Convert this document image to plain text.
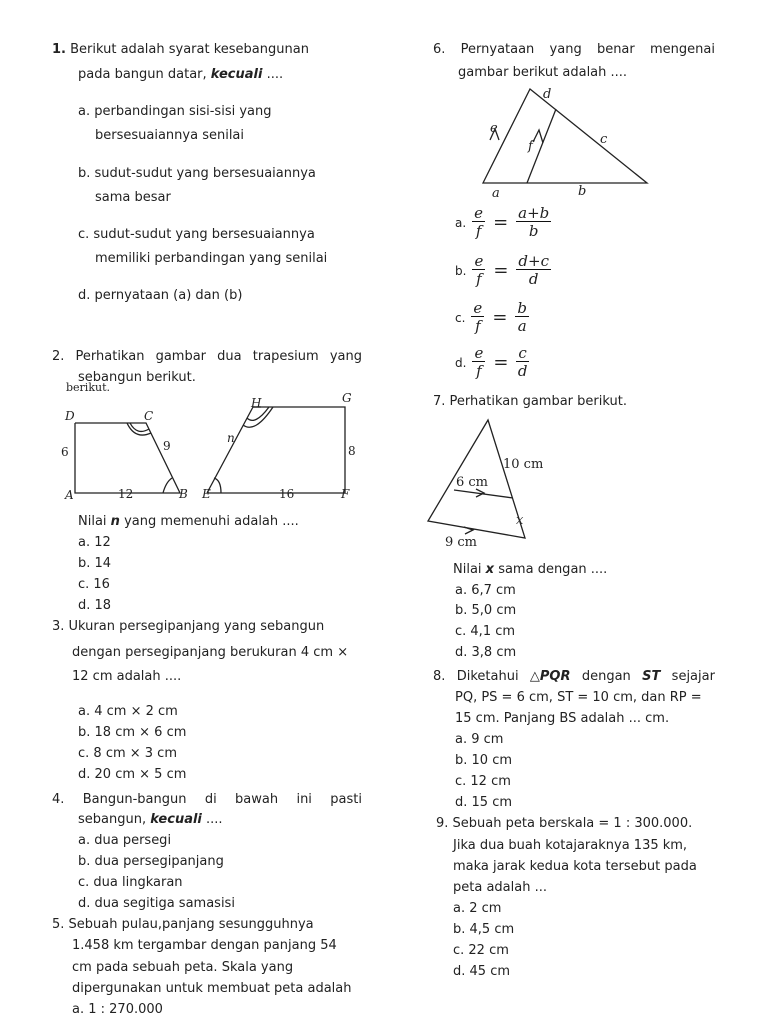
1. Berikut adalah syarat kesebangunan
pada bangun datar, kecuali ....
a. perbandingan sisi-sisi yang
bersesuaiannya senilai
b. sudut-sudut yang bersesuaiannya
sama besar
c. sudut-sudut yang bersesuaiannya
memiliki perbandingan yang senilai
d. pernyataan (a) dan (b)
2. Perhatikan gambar dua trapesium yang
sebangun berikut.
berikut.
D	C
A	B
6	9
12	E	F
G
H
16
8
n
Nilai n yang memenuhi adalah ....
a. 12
b. 14
c. 16
d. 18
3. Ukuran persegipanjang yang sebangun
dengan persegipanjang berukuran 4 cm ×
12 cm adalah ....
a. 4 cm × 2 cm
b. 18 cm × 6 cm
c. 8 cm × 3 cm
d. 20 cm × 5 cm
4. Bangun-bangun di bawah ini pasti
sebangun, kecuali ....
a. dua persegi
b. dua persegipanjang
c. dua lingkaran
d. dua segitiga samasisi
5. Sebuah pulau,panjang sesungguhnya
1.458 km tergambar dengan panjang 54
cm pada sebuah peta. Skala yang
dipergunakan untuk membuat peta adalah
a. 1 : 270.000
6. Pernyataan yang benar mengenai
gambar berikut adalah ....
d
e
f	c
a	b
a. $\frac{e}{f} = \frac{a+b}{b}$
b. $\frac{e}{f} = \frac{d+c}{d}$
c. $\frac{e}{f} = \frac{b}{a}$
d. $\frac{e}{f} = \frac{c}{d}$
7. Perhatikan gambar berikut.
10 cm
6 cm
x
9 cm
Nilai x sama dengan ....
a. 6,7 cm
b. 5,0 cm
c. 4,1 cm
d. 3,8 cm
8. Diketahui △PQR dengan ST sejajar
PQ, PS = 6 cm, ST = 10 cm, dan RP =
15 cm. Panjang BS adalah ... cm.
a. 9 cm
b. 10 cm
c. 12 cm
d. 15 cm
9. Sebuah peta berskala = 1 : 300.000.
Jika dua buah kotajaraknya 135 km,
maka jarak kedua kota tersebut pada
peta adalah ...
a. 2 cm
b. 4,5 cm
c. 22 cm
d. 45 cm
